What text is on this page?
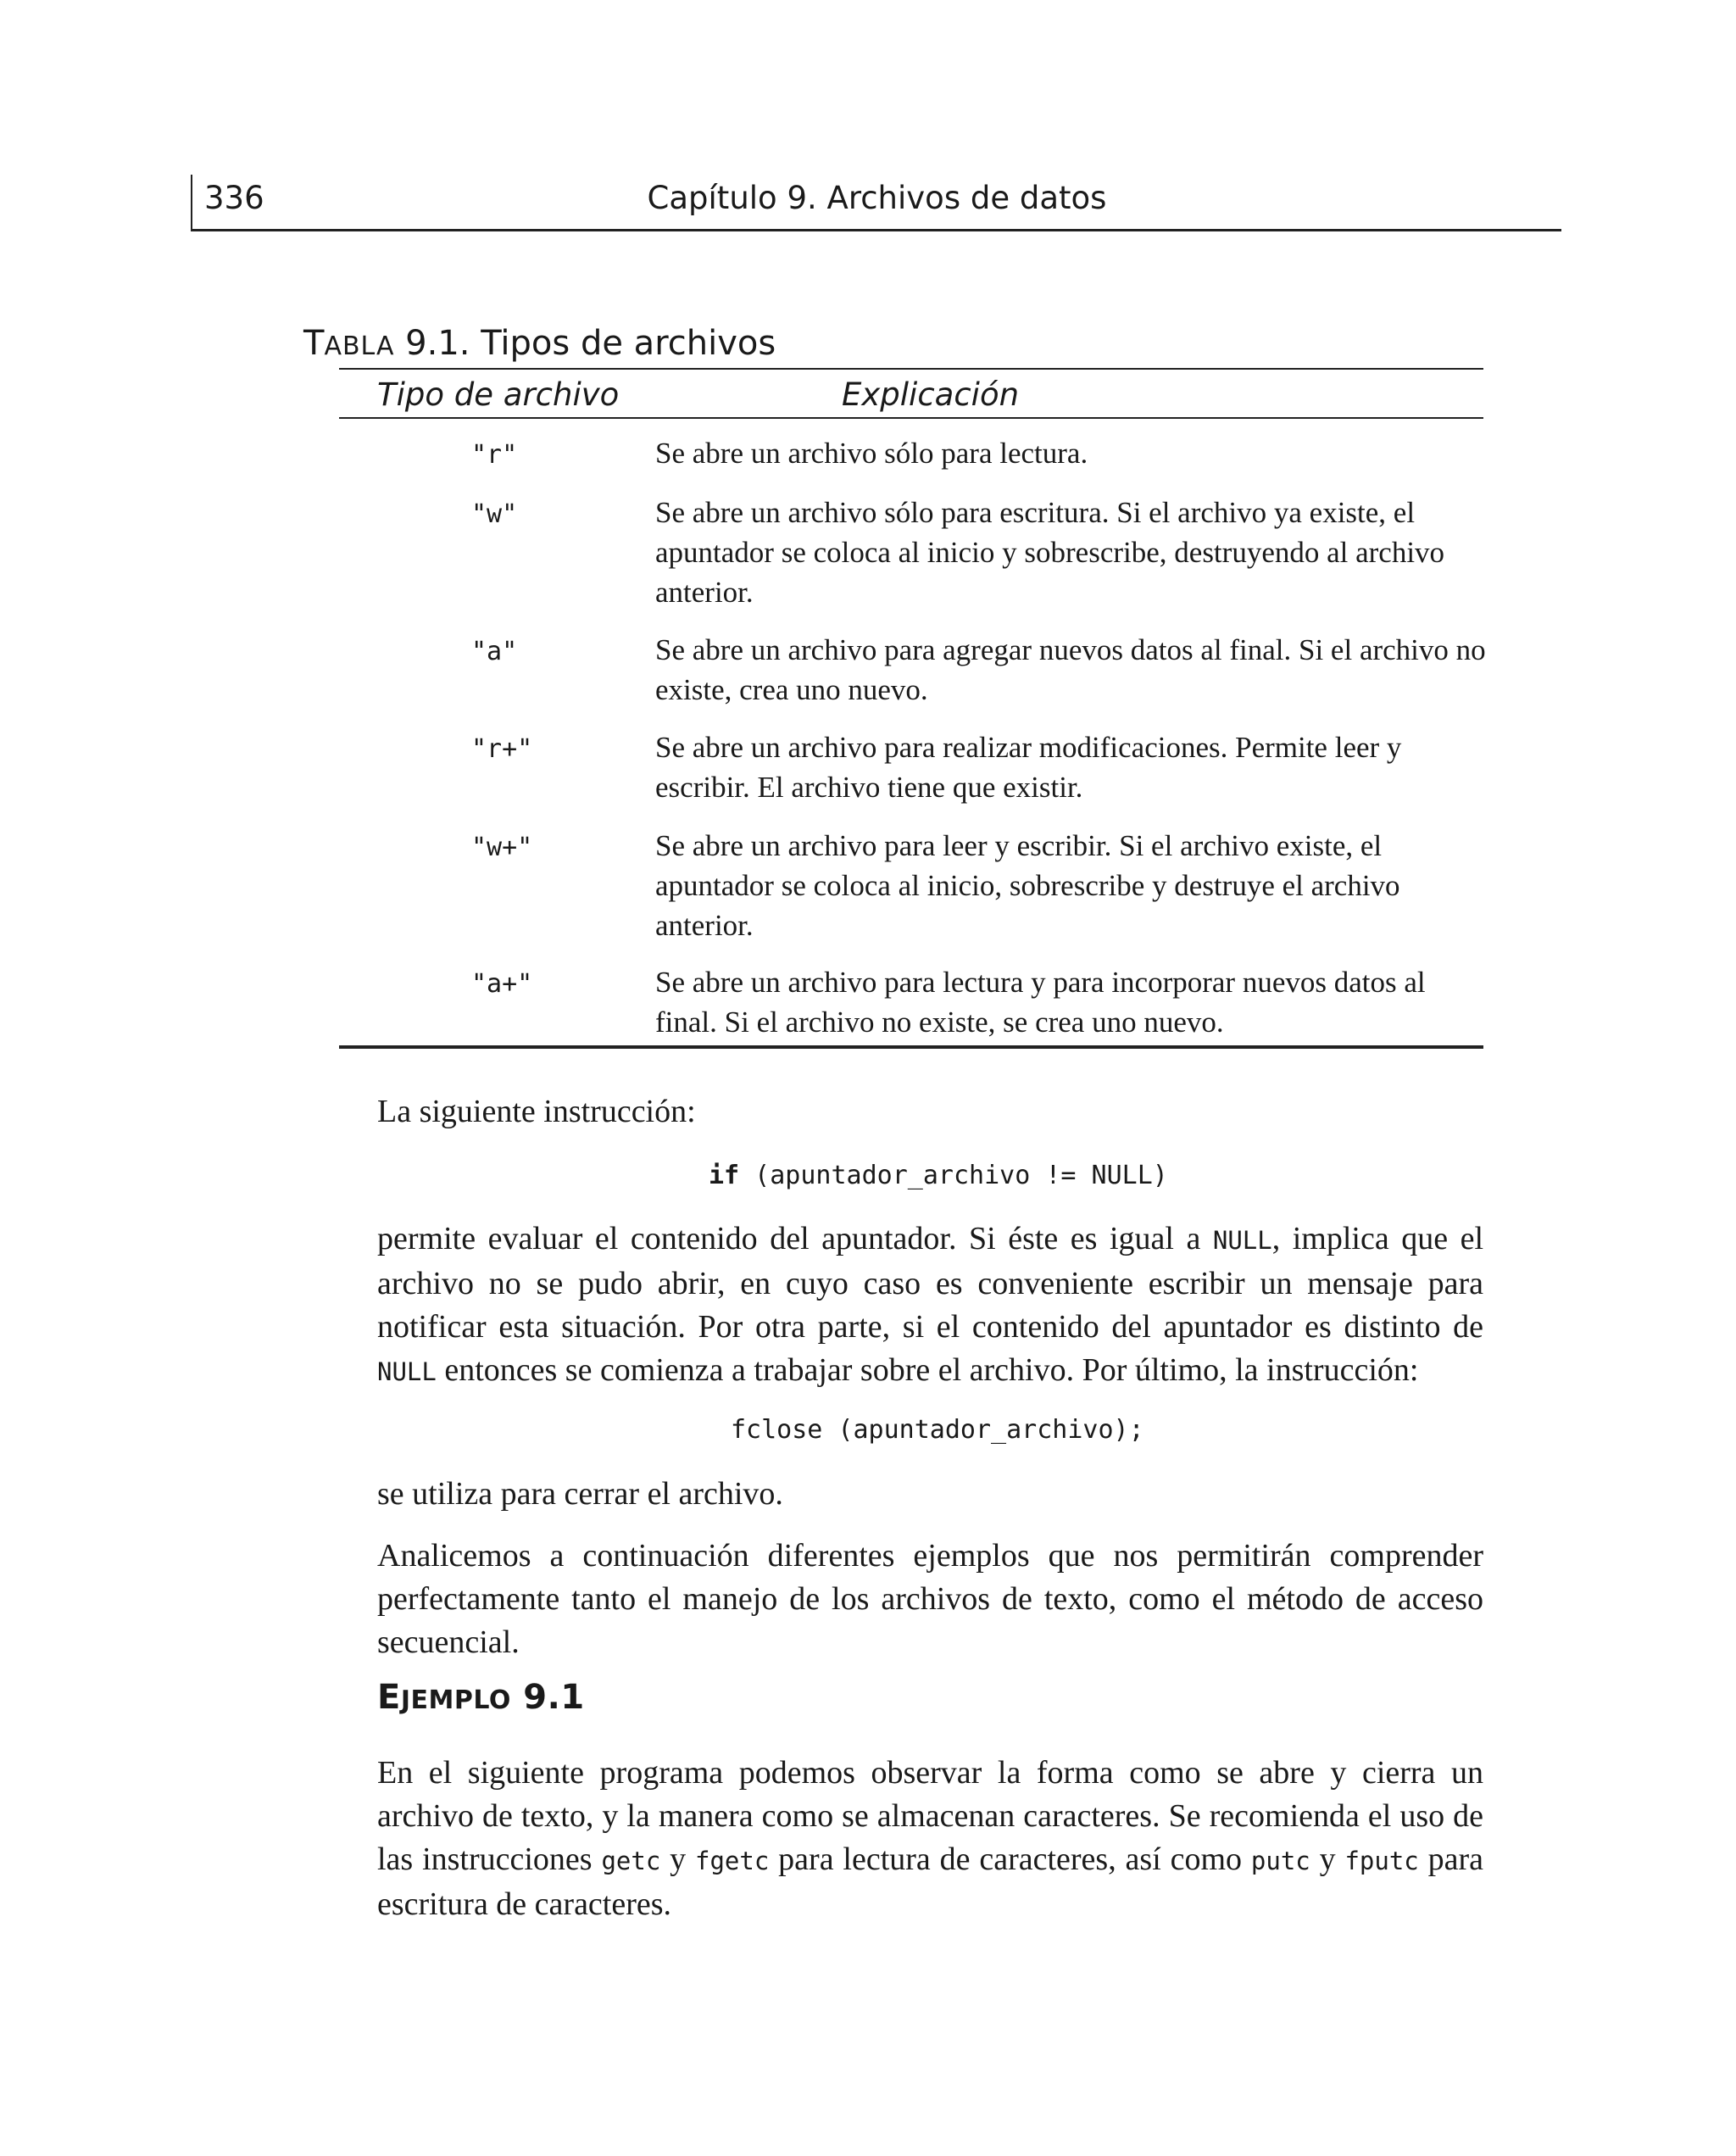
336	Capítulo 9. Archivos de datos
TABLA 9.1. Tipos de archivos
Tipo de archivo	Explicación
"r"	Se abre un archivo sólo para lectura.
"w"	Se abre un archivo sólo para escritura. Si el archivo ya existe, el apuntador se coloca al inicio y sobrescribe, destruyendo al archivo anterior.
"a"	Se abre un archivo para agregar nuevos datos al final. Si el archivo no existe, crea uno nuevo.
"r+"	Se abre un archivo para realizar modificaciones. Permite leer y escribir. El archivo tiene que existir.
"w+"	Se abre un archivo para leer y escribir. Si el archivo existe, el apuntador se coloca al inicio, sobrescribe y destruye el archivo anterior.
"a+"	Se abre un archivo para lectura y para incorporar nuevos datos al final. Si el archivo no existe, se crea uno nuevo.
La siguiente instrucción:
if (apuntador_archivo != NULL)
permite evaluar el contenido del apuntador. Si éste es igual a NULL, implica que el archivo no se pudo abrir, en cuyo caso es conveniente escribir un mensaje para notificar esta situación. Por otra parte, si el contenido del apuntador es distinto de NULL entonces se comienza a trabajar sobre el archivo. Por último, la instrucción:
fclose (apuntador_archivo);
se utiliza para cerrar el archivo.
Analicemos a continuación diferentes ejemplos que nos permitirán comprender perfectamente tanto el manejo de los archivos de texto, como el método de acceso secuencial.
EJEMPLO 9.1
En el siguiente programa podemos observar la forma como se abre y cierra un archivo de texto, y la manera como se almacenan caracteres. Se recomienda el uso de las instrucciones getc y fgetc para lectura de caracteres, así como putc y fputc para escritura de caracteres.
